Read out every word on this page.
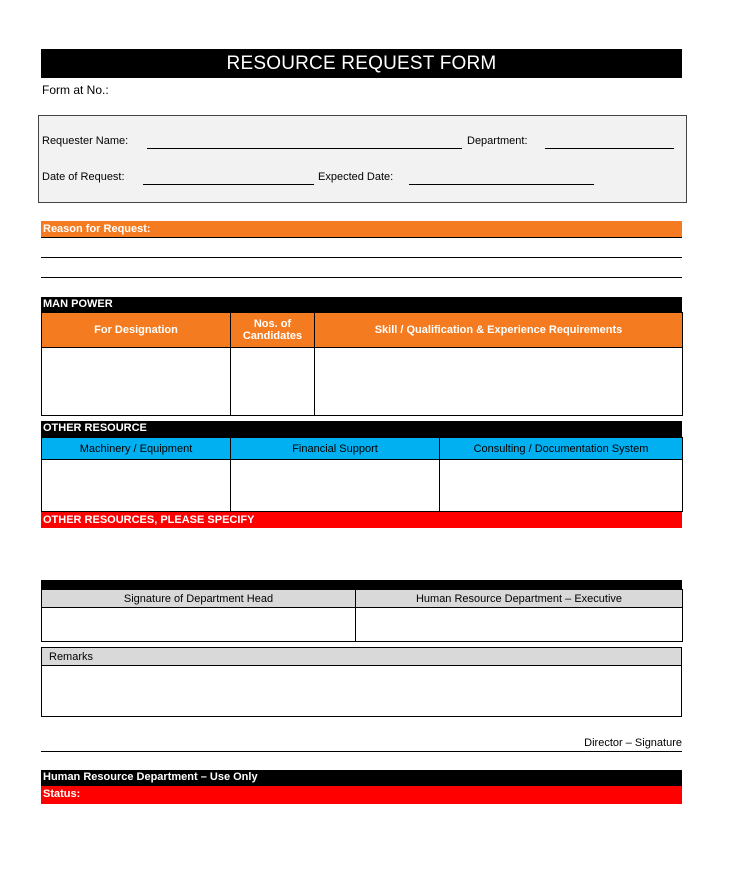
RESOURCE REQUEST FORM
Form at No.:
Requester Name:	Department:
Date of Request:	Expected Date:
Reason for Request:
MAN POWER
For Designation	Nos. of Candidates	Skill / Qualification & Experience Requirements

OTHER RESOURCE
Machinery / Equipment	Financial Support	Consulting / Documentation System

OTHER RESOURCES, PLEASE SPECIFY
Signature of Department Head	Human Resource Department – Executive

Remarks

Director – Signature
Human Resource Department – Use Only
Status:
